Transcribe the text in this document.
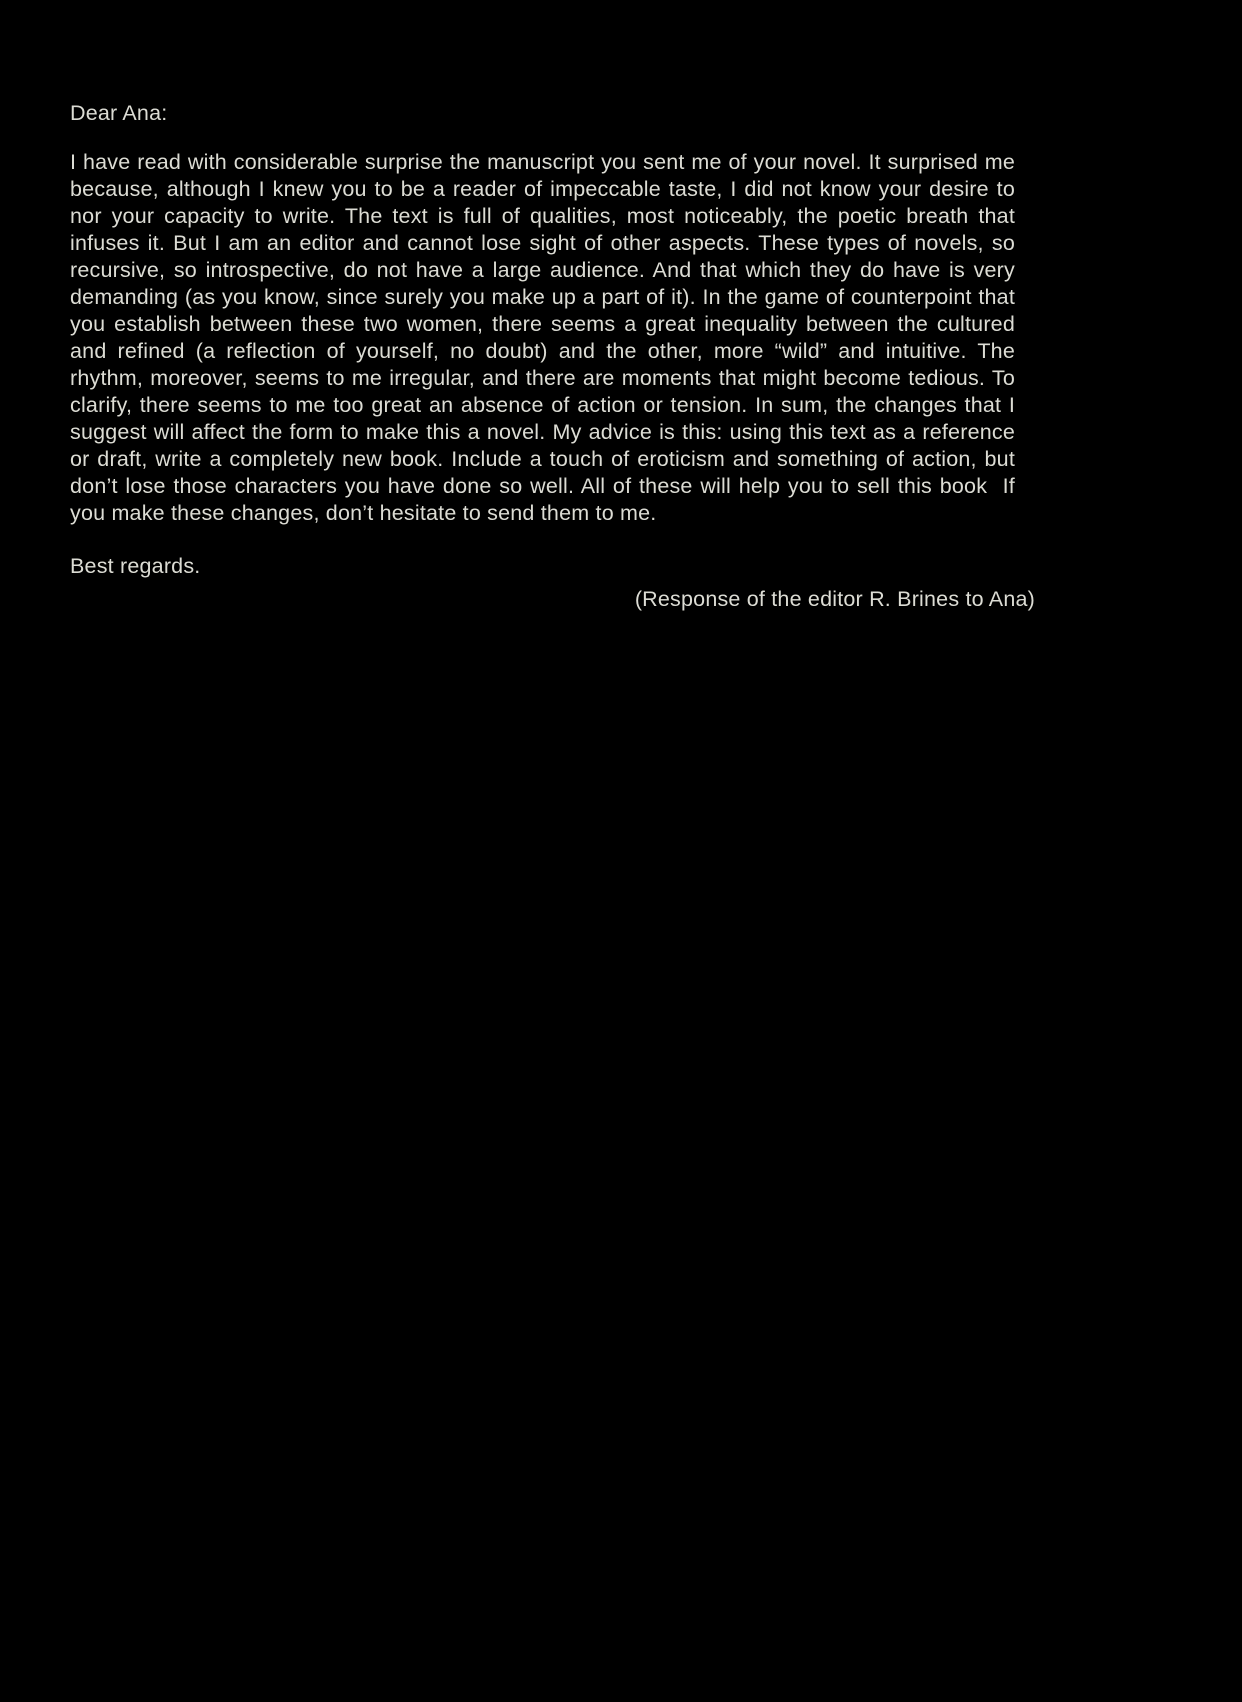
Dear Ana:

I have read with considerable surprise the manuscript you sent me of your novel. It surprised me because, although I knew you to be a reader of impeccable taste, I did not know your desire to nor your capacity to write. The text is full of qualities, most noticeably, the poetic breath that infuses it. But I am an editor and cannot lose sight of other aspects. These types of novels, so recursive, so introspective, do not have a large audience. And that which they do have is very demanding (as you know, since surely you make up a part of it). In the game of counterpoint that you establish between these two women, there seems a great inequality between the cultured and refined (a reflection of yourself, no doubt) and the other, more “wild” and intuitive. The rhythm, moreover, seems to me irregular, and there are moments that might become tedious. To clarify, there seems to me too great an absence of action or tension. In sum, the changes that I suggest will affect the form to make this a novel. My advice is this: using this text as a reference or draft, write a completely new book. Include a touch of eroticism and something of action, but don’t lose those characters you have done so well. All of these will help you to sell this book  If you make these changes, don’t hesitate to send them to me.

Best regards.

(Response of the editor R. Brines to Ana)
